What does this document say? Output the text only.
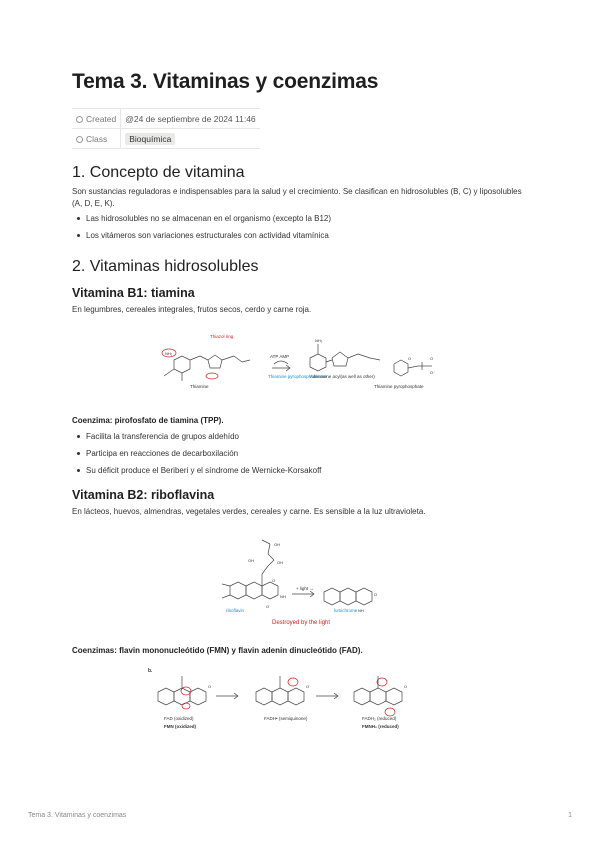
Tema 3. Vitaminas y coenzimas
Created	@24 de septiembre de 2024 11:46
Class	Bioquímica
1. Concepto de vitamina

Son sustancias reguladoras e indispensables para la salud y el crecimiento. Se clasifican en hidrosolubles (B, C) y liposolubles (A, D, E, K).

Las hidrosolubles no se almacenan en el organismo (excepto la B12)
Los vitámeros son variaciones estructurales con actividad vitamínica
2. Vitaminas hidrosolubles
Vitamina B1: tiamina

En legumbres, cereales integrales, frutos secos, cerdo y carne roja.

NH₂
O	O
O⁻
NH₂
Thiazol ring
ATP AMP
Thiamine pyrophosphokinase
Adenosine acyl(as well as other)
Thiamine	Thiamine pyrophosphate

Coenzima: pirofosfato de tiamina (TPP).

Facilita la transferencia de grupos aldehído
Participa en reacciones de decarboxilación
Su déficit produce el Beriberi y el síndrome de Wernicke-Korsakoff
Vitamina B2: riboflavina

En lácteos, huevos, almendras, vegetales verdes, cereales y carne. Es sensible a la luz ultravioleta.

OH
OH
OH
O
NH
O
O
NH
+ light →
riboflavin	lumichrome
Destroyed by the light

Coenzimas: flavin mononucleótido (FMN) y flavin adenin dinucleótido (FAD).

O	O	O
b.
FAD (oxidized)
FMN (oxidized)
FADH• (semiquinone)	FADH₂ (reduced)
FMNH₂ (reduced)
Tema 3. Vitaminas y coenzimas	1
